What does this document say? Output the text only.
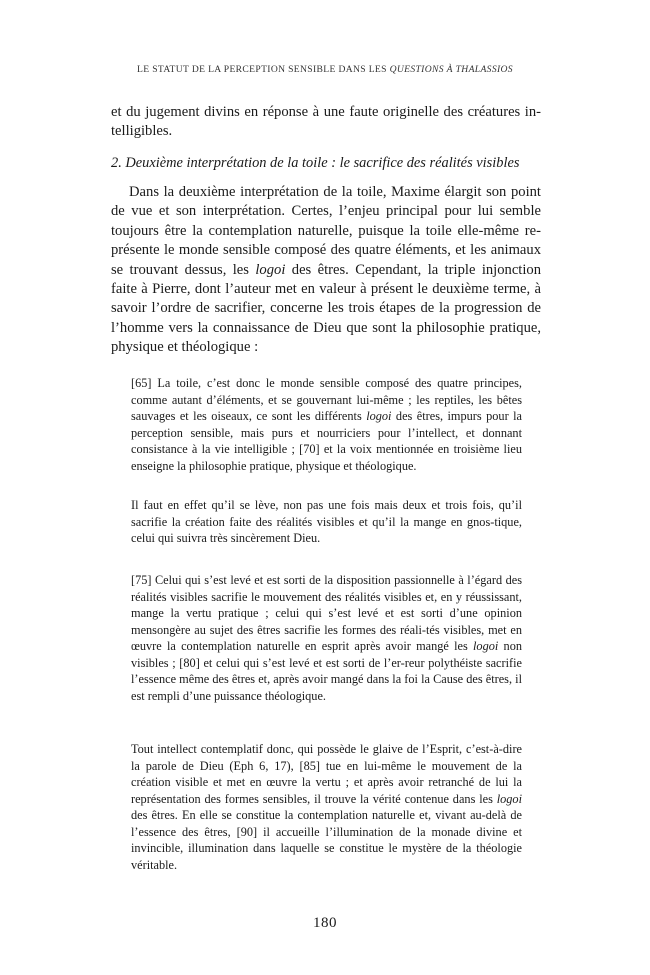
LE STATUT DE LA PERCEPTION SENSIBLE DANS LES QUESTIONS À THALASSIOS
et du jugement divins en réponse à une faute originelle des créatures in-telligibles.
2. Deuxième interprétation de la toile : le sacrifice des réalités visibles
Dans la deuxième interprétation de la toile, Maxime élargit son point de vue et son interprétation. Certes, l’enjeu principal pour lui semble toujours être la contemplation naturelle, puisque la toile elle-même re-présente le monde sensible composé des quatre éléments, et les animaux se trouvant dessus, les logoi des êtres. Cependant, la triple injonction faite à Pierre, dont l’auteur met en valeur à présent le deuxième terme, à savoir l’ordre de sacrifier, concerne les trois étapes de la progression de l’homme vers la connaissance de Dieu que sont la philosophie pratique, physique et théologique :
[65] La toile, c’est donc le monde sensible composé des quatre principes, comme autant d’éléments, et se gouvernant lui-même ; les reptiles, les bêtes sauvages et les oiseaux, ce sont les différents logoi des êtres, impurs pour la perception sensible, mais purs et nourriciers pour l’intellect, et donnant consistance à la vie intelligible ; [70] et la voix mentionnée en troisième lieu enseigne la philosophie pratique, physique et théologique.
Il faut en effet qu’il se lève, non pas une fois mais deux et trois fois, qu’il sacrifie la création faite des réalités visibles et qu’il la mange en gnos-tique, celui qui suivra très sincèrement Dieu.
[75] Celui qui s’est levé et est sorti de la disposition passionnelle à l’égard des réalités visibles sacrifie le mouvement des réalités visibles et, en y réussissant, mange la vertu pratique ; celui qui s’est levé et est sorti d’une opinion mensongère au sujet des êtres sacrifie les formes des réali-tés visibles, met en œuvre la contemplation naturelle en esprit après avoir mangé les logoi non visibles ; [80] et celui qui s’est levé et est sorti de l’er-reur polythéiste sacrifie l’essence même des êtres et, après avoir mangé dans la foi la Cause des êtres, il est rempli d’une puissance théologique.
Tout intellect contemplatif donc, qui possède le glaive de l’Esprit, c’est-à-dire la parole de Dieu (Eph 6, 17), [85] tue en lui-même le mouvement de la création visible et met en œuvre la vertu ; et après avoir retranché de lui la représentation des formes sensibles, il trouve la vérité contenue dans les logoi des êtres. En elle se constitue la contemplation naturelle et, vivant au-delà de l’essence des êtres, [90] il accueille l’illumination de la monade divine et invincible, illumination dans laquelle se constitue le mystère de la théologie véritable.
180
